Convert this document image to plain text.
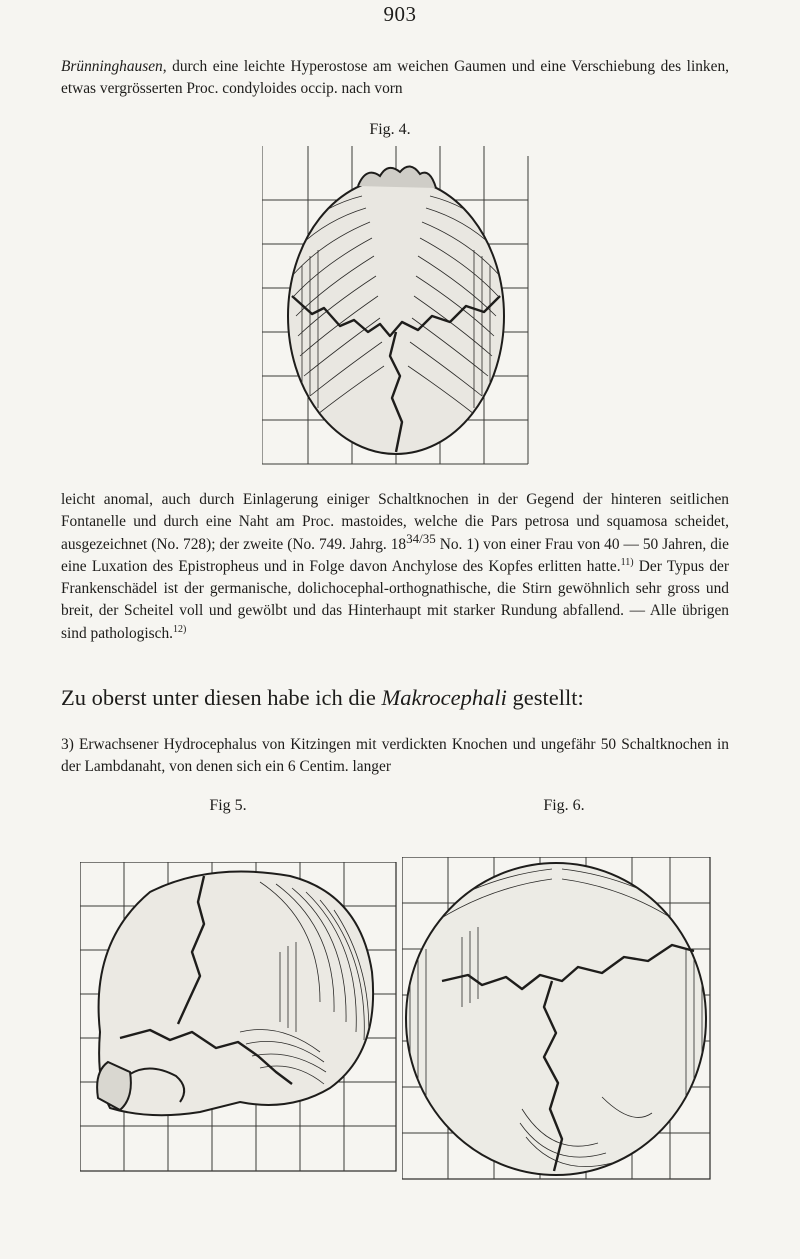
903

Brünninghausen, durch eine leichte Hyperostose am weichen Gaumen und eine Verschiebung des linken, etwas vergrösserten Proc. condyloides occip. nach vorn

Fig. 4.

leicht anomal, auch durch Einlagerung einiger Schaltknochen in der Gegend der hinteren seitlichen Fontanelle und durch eine Naht am Proc. mastoides, welche die Pars petrosa und squamosa scheidet, ausgezeichnet (No. 728); der zweite (No. 749. Jahrg. $18^{34/35}$ No. 1) von einer Frau von 40 — 50 Jahren, die eine Luxation des Epistropheus und in Folge davon Anchylose des Kopfes erlitten hatte.$^{11)}$ Der Typus der Frankenschädel ist der germanische, dolichocephal-orthognathische, die Stirn gewöhnlich sehr gross und breit, der Scheitel voll und gewölbt und das Hinterhaupt mit starker Rundung abfallend. — Alle übrigen sind pathologisch.$^{12)}$

Zu oberst unter diesen habe ich die Makrocephali gestellt:

3) Erwachsener Hydrocephalus von Kitzingen mit verdickten Knochen und ungefähr 50 Schaltknochen in der Lambdanaht, von denen sich ein 6 Centim. langer

Fig 5.	Fig. 6.
